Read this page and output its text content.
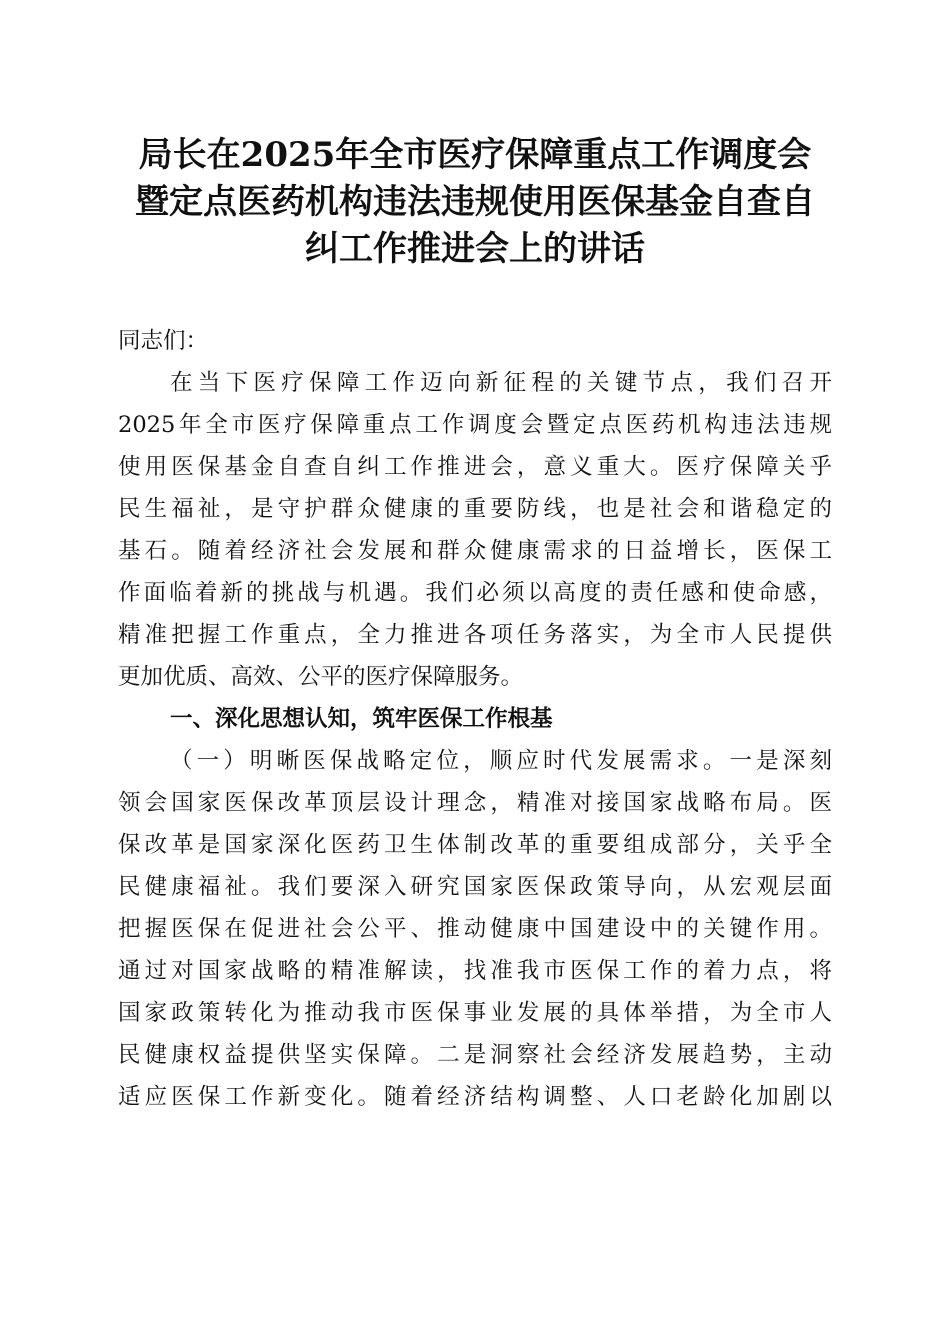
局长在2025年全市医疗保障重点工作调度会
暨定点医药机构违法违规使用医保基金自查自
纠工作推进会上的讲话

同志们：

在当下医疗保障工作迈向新征程的关键节点，我们召开
2025年全市医疗保障重点工作调度会暨定点医药机构违法违规
使用医保基金自查自纠工作推进会，意义重大。医疗保障关乎
民生福祉，是守护群众健康的重要防线，也是社会和谐稳定的
基石。随着经济社会发展和群众健康需求的日益增长，医保工
作面临着新的挑战与机遇。我们必须以高度的责任感和使命感，
精准把握工作重点，全力推进各项任务落实，为全市人民提供
更加优质、高效、公平的医疗保障服务。

一、深化思想认知，筑牢医保工作根基

（一）明晰医保战略定位，顺应时代发展需求。一是深刻
领会国家医保改革顶层设计理念，精准对接国家战略布局。医
保改革是国家深化医药卫生体制改革的重要组成部分，关乎全
民健康福祉。我们要深入研究国家医保政策导向，从宏观层面
把握医保在促进社会公平、推动健康中国建设中的关键作用。
通过对国家战略的精准解读，找准我市医保工作的着力点，将
国家政策转化为推动我市医保事业发展的具体举措，为全市人
民健康权益提供坚实保障。二是洞察社会经济发展趋势，主动
适应医保工作新变化。随着经济结构调整、人口老龄化加剧以
